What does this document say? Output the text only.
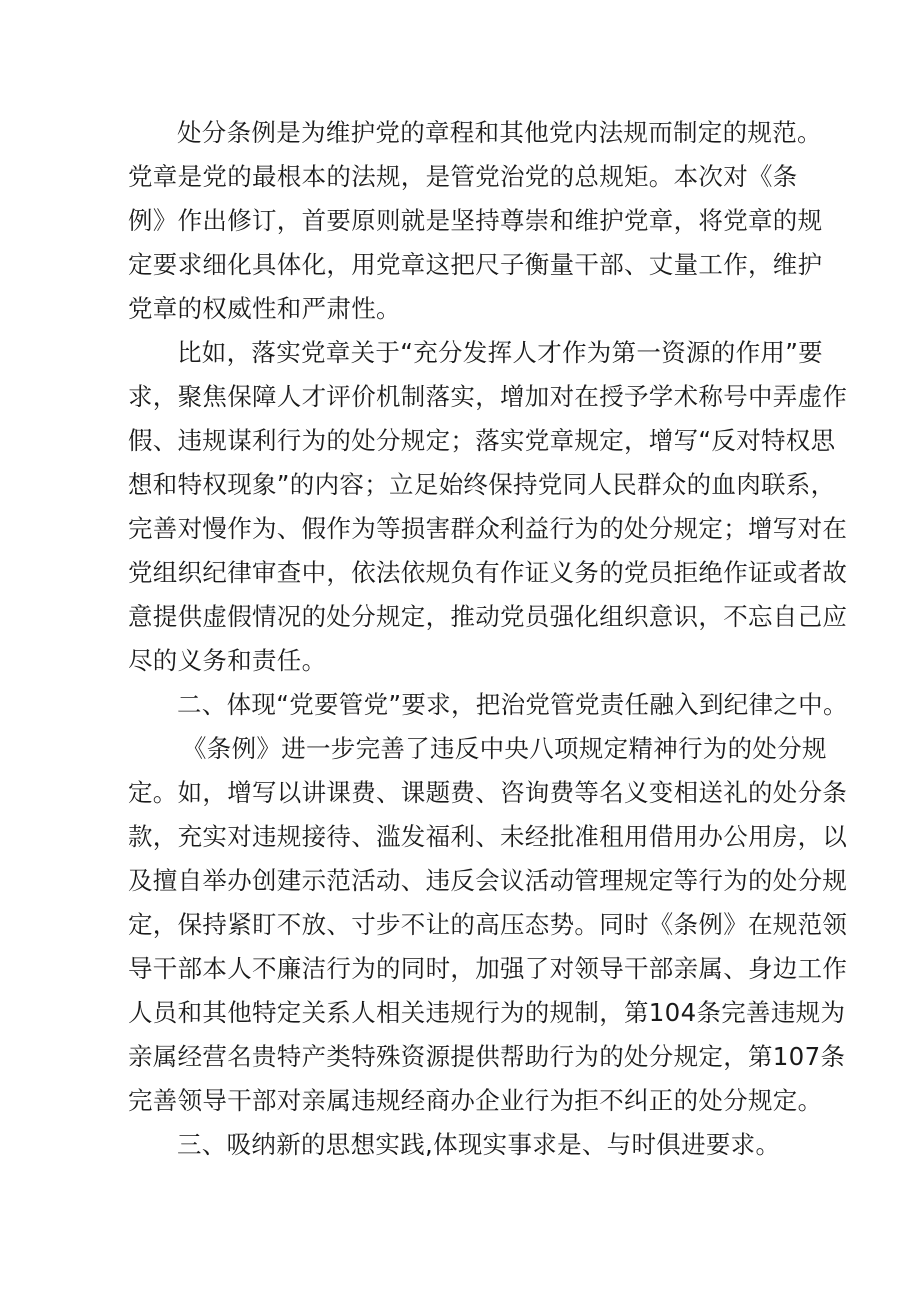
处分条例是为维护党的章程和其他党内法规而制定的规范。
党章是党的最根本的法规，是管党治党的总规矩。本次对《条
例》作出修订，首要原则就是坚持尊崇和维护党章，将党章的规
定要求细化具体化，用党章这把尺子衡量干部、丈量工作，维护
党章的权威性和严肃性。
比如，落实党章关于“充分发挥人才作为第一资源的作用”要
求，聚焦保障人才评价机制落实，增加对在授予学术称号中弄虚作
假、违规谋利行为的处分规定；落实党章规定，增写“反对特权思
想和特权现象”的内容；立足始终保持党同人民群众的血肉联系，
完善对慢作为、假作为等损害群众利益行为的处分规定；增写对在
党组织纪律审查中，依法依规负有作证义务的党员拒绝作证或者故
意提供虚假情况的处分规定，推动党员强化组织意识，不忘自己应
尽的义务和责任。
二、体现“党要管党”要求，把治党管党责任融入到纪律之中。
《条例》进一步完善了违反中央八项规定精神行为的处分规
定。如，增写以讲课费、课题费、咨询费等名义变相送礼的处分条
款，充实对违规接待、滥发福利、未经批准租用借用办公用房，以
及擅自举办创建示范活动、违反会议活动管理规定等行为的处分规
定，保持紧盯不放、寸步不让的高压态势。同时《条例》在规范领
导干部本人不廉洁行为的同时，加强了对领导干部亲属、身边工作
人员和其他特定关系人相关违规行为的规制，第104条完善违规为
亲属经营名贵特产类特殊资源提供帮助行为的处分规定，第107条
完善领导干部对亲属违规经商办企业行为拒不纠正的处分规定。
三、吸纳新的思想实践,体现实事求是、与时俱进要求。
